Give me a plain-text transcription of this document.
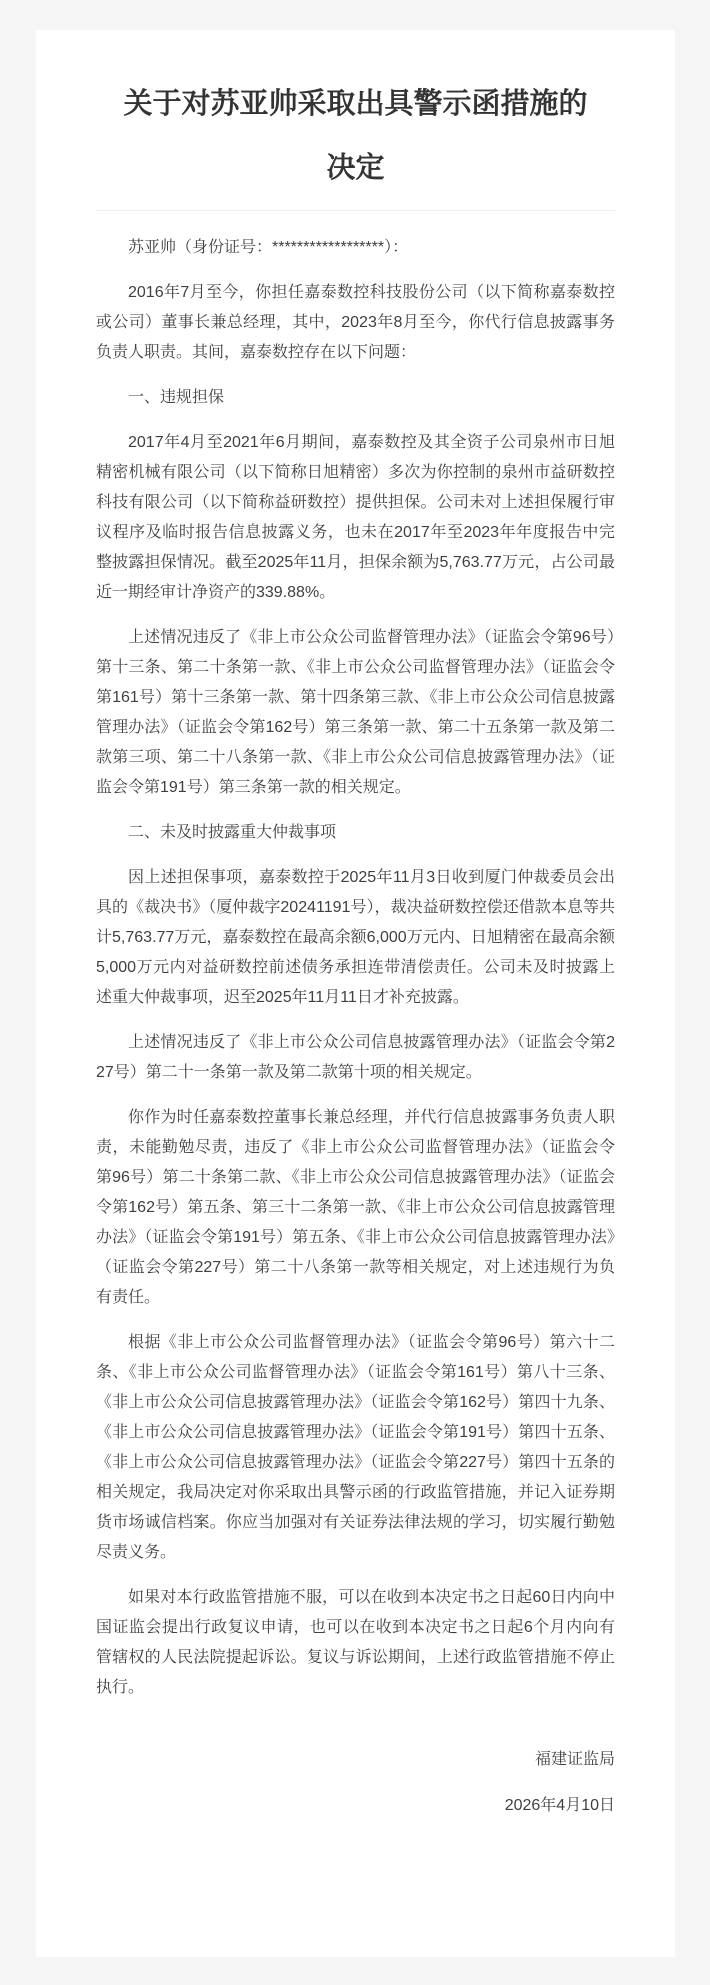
关于对苏亚帅采取出具警示函措施的
决定

苏亚帅（身份证号：******************）：

2016年7月至今，你担任嘉泰数控科技股份公司（以下简称嘉泰数控或公司）董事长兼总经理，其中，2023年8月至今，你代行信息披露事务负责人职责。其间，嘉泰数控存在以下问题：

一、违规担保

2017年4月至2021年6月期间，嘉泰数控及其全资子公司泉州市日旭精密机械有限公司（以下简称日旭精密）多次为你控制的泉州市益研数控科技有限公司（以下简称益研数控）提供担保。公司未对上述担保履行审议程序及临时报告信息披露义务，也未在2017年至2023年年度报告中完整披露担保情况。截至2025年11月，担保余额为5,763.77万元，占公司最近一期经审计净资产的339.88%。

上述情况违反了《非上市公众公司监督管理办法》（证监会令第96号）第十三条、第二十条第一款、《非上市公众公司监督管理办法》（证监会令第161号）第十三条第一款、第十四条第三款、《非上市公众公司信息披露管理办法》（证监会令第162号）第三条第一款、第二十五条第一款及第二款第三项、第二十八条第一款、《非上市公众公司信息披露管理办法》（证监会令第191号）第三条第一款的相关规定。

二、未及时披露重大仲裁事项

因上述担保事项，嘉泰数控于2025年11月3日收到厦门仲裁委员会出具的《裁决书》（厦仲裁字20241191号），裁决益研数控偿还借款本息等共计5,763.77万元，嘉泰数控在最高余额6,000万元内、日旭精密在最高余额5,000万元内对益研数控前述债务承担连带清偿责任。公司未及时披露上述重大仲裁事项，迟至2025年11月11日才补充披露。

上述情况违反了《非上市公众公司信息披露管理办法》（证监会令第227号）第二十一条第一款及第二款第十项的相关规定。

你作为时任嘉泰数控董事长兼总经理，并代行信息披露事务负责人职责，未能勤勉尽责，违反了《非上市公众公司监督管理办法》（证监会令第96号）第二十条第二款、《非上市公众公司信息披露管理办法》（证监会令第162号）第五条、第三十二条第一款、《非上市公众公司信息披露管理办法》（证监会令第191号）第五条、《非上市公众公司信息披露管理办法》（证监会令第227号）第二十八条第一款等相关规定，对上述违规行为负有责任。

根据《非上市公众公司监督管理办法》（证监会令第96号）第六十二条、《非上市公众公司监督管理办法》（证监会令第161号）第八十三条、《非上市公众公司信息披露管理办法》（证监会令第162号）第四十九条、《非上市公众公司信息披露管理办法》（证监会令第191号）第四十五条、《非上市公众公司信息披露管理办法》（证监会令第227号）第四十五条的相关规定，我局决定对你采取出具警示函的行政监管措施，并记入证券期货市场诚信档案。你应当加强对有关证券法律法规的学习，切实履行勤勉尽责义务。

如果对本行政监管措施不服，可以在收到本决定书之日起60日内向中国证监会提出行政复议申请，也可以在收到本决定书之日起6个月内向有管辖权的人民法院提起诉讼。复议与诉讼期间，上述行政监管措施不停止执行。

福建证监局

2026年4月10日
